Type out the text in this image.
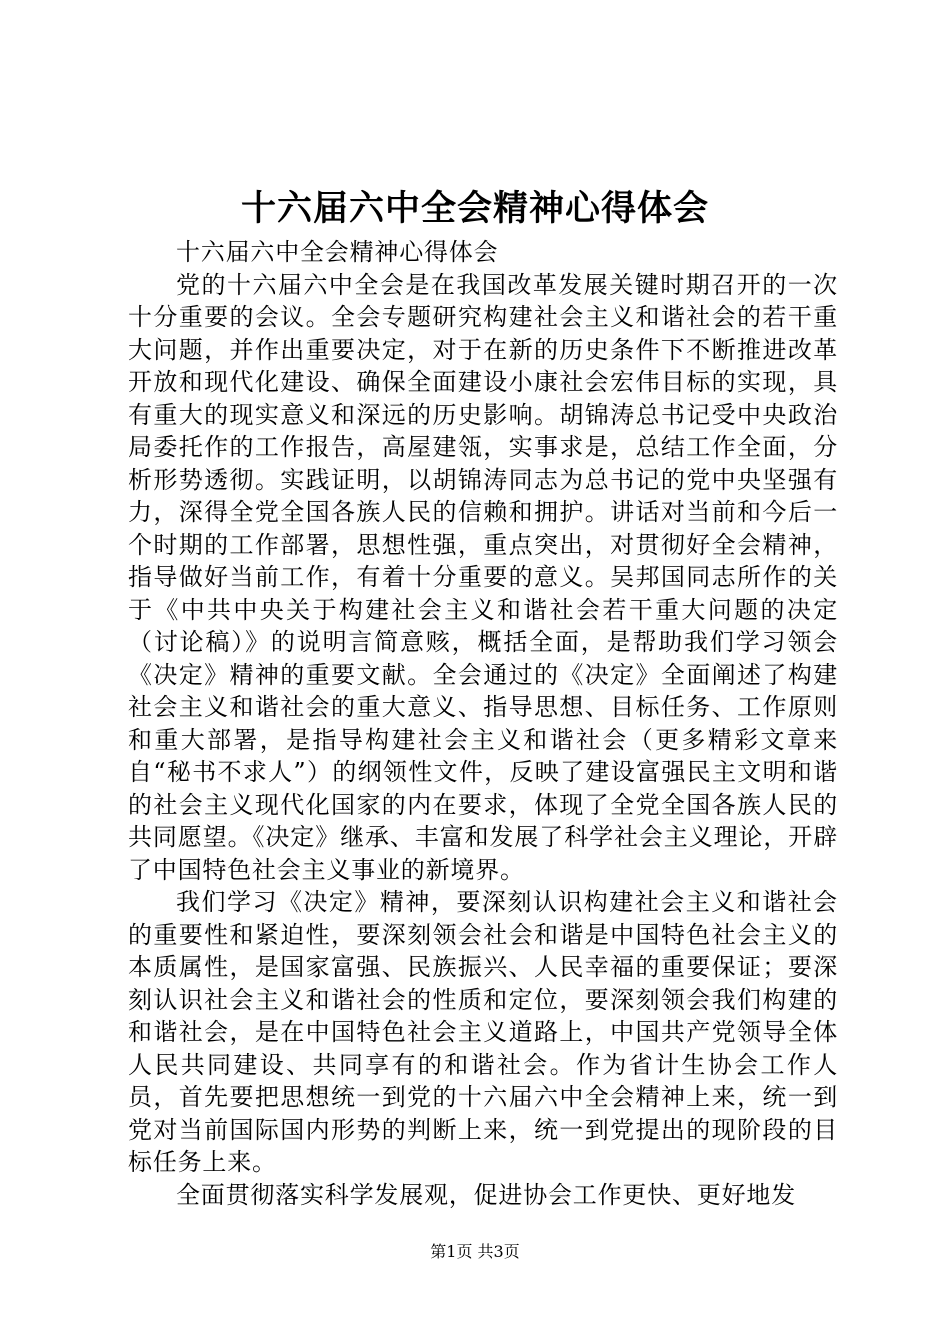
十六届六中全会精神心得体会

十六届六中全会精神心得体会

党的十六届六中全会是在我国改革发展关键时期召开的一次十分重要的会议。全会专题研究构建社会主义和谐社会的若干重大问题，并作出重要决定，对于在新的历史条件下不断推进改革开放和现代化建设、确保全面建设小康社会宏伟目标的实现，具有重大的现实意义和深远的历史影响。胡锦涛总书记受中央政治局委托作的工作报告，高屋建瓴，实事求是，总结工作全面，分析形势透彻。实践证明，以胡锦涛同志为总书记的党中央坚强有力，深得全党全国各族人民的信赖和拥护。讲话对当前和今后一个时期的工作部署，思想性强，重点突出，对贯彻好全会精神，指导做好当前工作，有着十分重要的意义。吴邦国同志所作的关于《中共中央关于构建社会主义和谐社会若干重大问题的决定（讨论稿）》的说明言简意赅，概括全面，是帮助我们学习领会《决定》精神的重要文献。全会通过的《决定》全面阐述了构建社会主义和谐社会的重大意义、指导思想、目标任务、工作原则和重大部署，是指导构建社会主义和谐社会（更多精彩文章来自“秘书不求人”）的纲领性文件，反映了建设富强民主文明和谐的社会主义现代化国家的内在要求，体现了全党全国各族人民的共同愿望。《决定》继承、丰富和发展了科学社会主义理论，开辟了中国特色社会主义事业的新境界。

我们学习《决定》精神，要深刻认识构建社会主义和谐社会的重要性和紧迫性，要深刻领会社会和谐是中国特色社会主义的本质属性，是国家富强、民族振兴、人民幸福的重要保证；要深刻认识社会主义和谐社会的性质和定位，要深刻领会我们构建的和谐社会，是在中国特色社会主义道路上，中国共产党领导全体人民共同建设、共同享有的和谐社会。作为省计生协会工作人员，首先要把思想统一到党的十六届六中全会精神上来，统一到党对当前国际国内形势的判断上来，统一到党提出的现阶段的目标任务上来。

全面贯彻落实科学发展观，促进协会工作更快、更好地发

第1页 共3页
